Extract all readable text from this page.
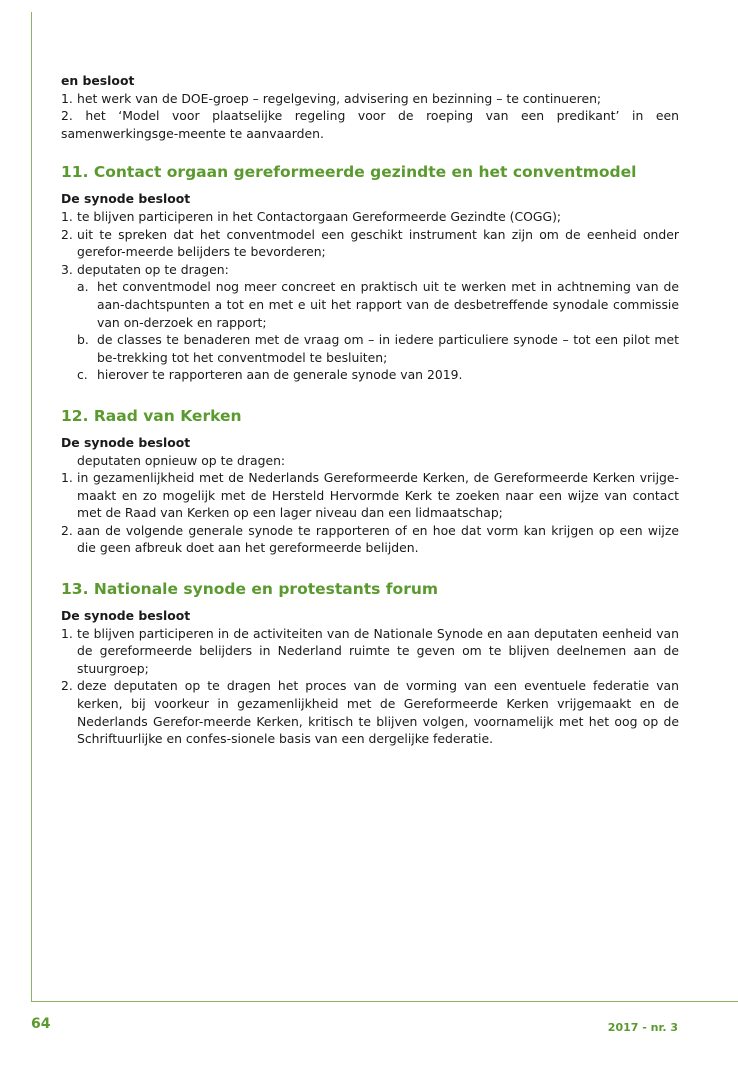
en besloot

1. het werk van de DOE-groep – regelgeving, advisering en bezinning – te continueren;

2. het ‘Model voor plaatselijke regeling voor de roeping van een predikant’ in een samenwerkingsge-meente te aanvaarden.

11. Contact orgaan gereformeerde gezindte en het conventmodel

De synode besloot

1. te blijven participeren in het Contactorgaan Gereformeerde Gezindte (COGG);

2. uit te spreken dat het conventmodel een geschikt instrument kan zijn om de eenheid onder gerefor-meerde belijders te bevorderen;

3. deputaten op te dragen:

a. het conventmodel nog meer concreet en praktisch uit te werken met in achtneming van de aan-dachtspunten a tot en met e uit het rapport van de desbetreffende synodale commissie van on-derzoek en rapport;

b. de classes te benaderen met de vraag om – in iedere particuliere synode – tot een pilot met be-trekking tot het conventmodel te besluiten;

c. hierover te rapporteren aan de generale synode van 2019.

12. Raad van Kerken

De synode besloot

deputaten opnieuw op te dragen:

1. in gezamenlijkheid met de Nederlands Gereformeerde Kerken, de Gereformeerde Kerken vrijge-maakt en zo mogelijk met de Hersteld Hervormde Kerk te zoeken naar een wijze van contact met de Raad van Kerken op een lager niveau dan een lidmaatschap;

2. aan de volgende generale synode te rapporteren of en hoe dat vorm kan krijgen op een wijze die geen afbreuk doet aan het gereformeerde belijden.

13. Nationale synode en protestants forum

De synode besloot

1. te blijven participeren in de activiteiten van de Nationale Synode en aan deputaten eenheid van de gereformeerde belijders in Nederland ruimte te geven om te blijven deelnemen aan de stuurgroep;

2. deze deputaten op te dragen het proces van de vorming van een eventuele federatie van kerken, bij voorkeur in gezamenlijkheid met de Gereformeerde Kerken vrijgemaakt en de Nederlands Gerefor-meerde Kerken, kritisch te blijven volgen, voornamelijk met het oog op de Schriftuurlijke en confes-sionele basis van een dergelijke federatie.

64	2017 - nr. 3
